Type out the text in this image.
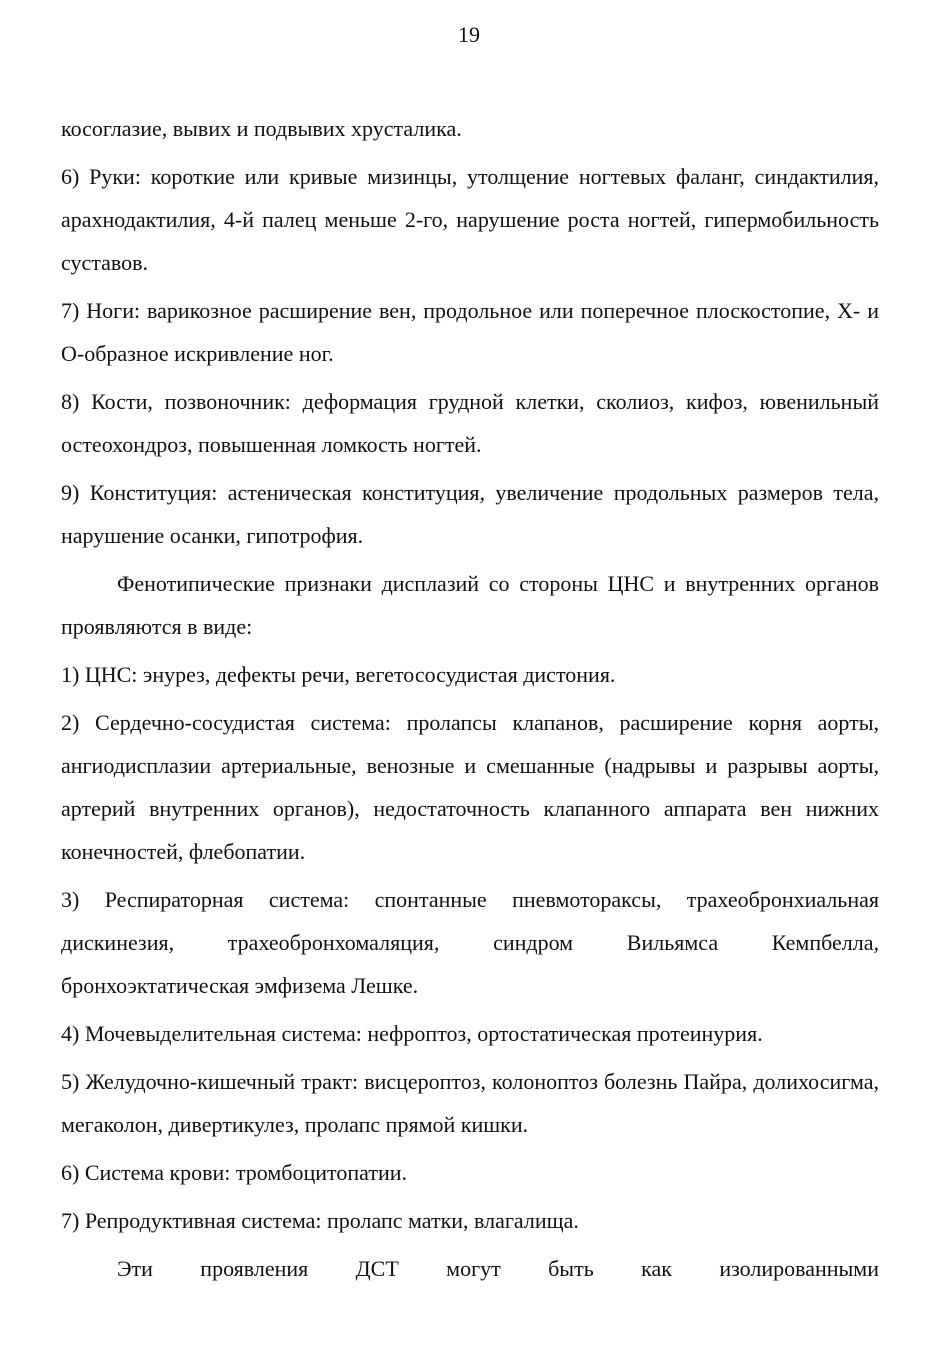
19

косоглазие, вывих и подвывих хрусталика.

6) Руки: короткие или кривые мизинцы, утолщение ногтевых фаланг, синдактилия, арахнодактилия, 4-й палец меньше 2-го, нарушение роста ногтей, гипермобильность суставов.

7) Ноги: варикозное расширение вен, продольное или поперечное плоскостопие, Х- и О-образное искривление ног.

8) Кости, позвоночник: деформация грудной клетки, сколиоз, кифоз, ювенильный остеохондроз, повышенная ломкость ногтей.

9) Конституция: астеническая конституция, увеличение продольных размеров тела, нарушение осанки, гипотрофия.

Фенотипические признаки дисплазий со стороны ЦНС и внутренних органов проявляются в виде:

1) ЦНС: энурез, дефекты речи, вегетососудистая дистония.

2) Сердечно-сосудистая система: пролапсы клапанов, расширение корня аорты, ангиодисплазии артериальные, венозные и смешанные (надрывы и разрывы аорты, артерий внутренних органов), недостаточность клапанного аппарата вен нижних конечностей, флебопатии.

3) Респираторная система: спонтанные пневмотораксы, трахеобронхиальная дискинезия, трахеобронхомаляция, синдром Вильямса Кемпбелла, бронхоэктатическая эмфизема Лешке.

4) Мочевыделительная система: нефроптоз, ортостатическая протеинурия.

5) Желудочно-кишечный тракт: висцероптоз, колоноптоз болезнь Пайра, долихосигма, мегаколон, дивертикулез, пролапс прямой кишки.

6) Система крови: тромбоцитопатии.

7) Репродуктивная система: пролапс матки, влагалища.

Эти проявления ДСТ могут быть как изолированными
